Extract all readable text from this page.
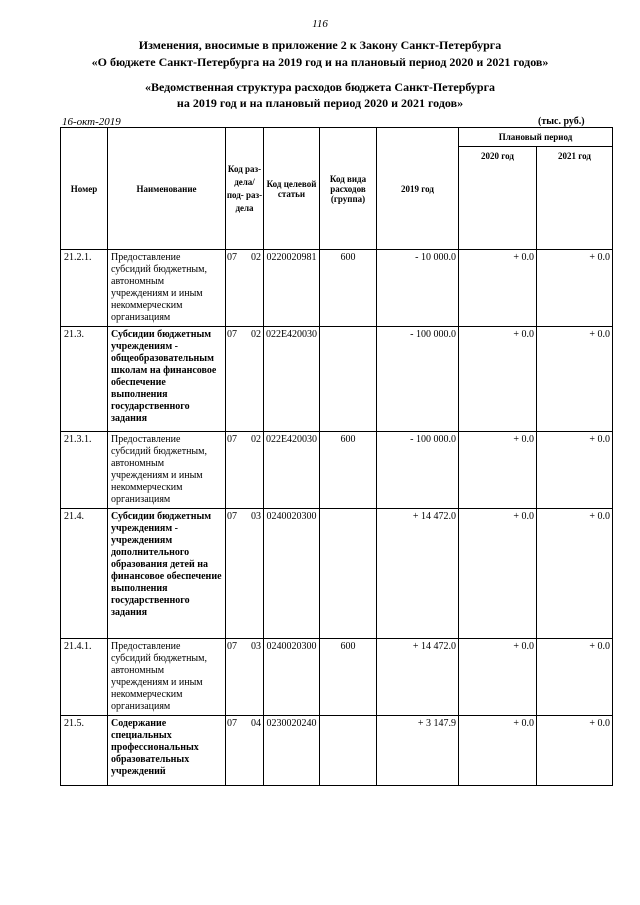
116
Изменения, вносимые в приложение 2 к Закону Санкт-Петербурга
«О бюджете Санкт-Петербурга на 2019 год и на плановый период 2020 и 2021 годов»
«Ведомственная структура расходов бюджета Санкт-Петербурга
на 2019 год и на плановый период 2020 и 2021 годов»
16-окт-2019	(тыс. руб.)
Номер	Наименование	Код раз- дела/ под- раз- дела		Код целевой статьи	Код вида расходов (группа)	2019 год	Плановый период	
							2020 год	2021 год
21.2.1.	Предоставление субсидий бюджетным, автономным учреждениям и иным некоммерческим организациям	07	02	0220020981	600	- 10 000.0	+ 0.0	+ 0.0
21.3.	Субсидии бюджетным учреждениям - общеобразовательным школам на финансовое обеспечение выполнения государственного задания	07	02	022Е420030		- 100 000.0	+ 0.0	+ 0.0
21.3.1.	Предоставление субсидий бюджетным, автономным учреждениям и иным некоммерческим организациям	07	02	022Е420030	600	- 100 000.0	+ 0.0	+ 0.0
21.4.	Субсидии бюджетным учреждениям - учреждениям дополнительного образования детей на финансовое обеспечение выполнения государственного задания	07	03	0240020300		+ 14 472.0	+ 0.0	+ 0.0
21.4.1.	Предоставление субсидий бюджетным, автономным учреждениям и иным некоммерческим организациям	07	03	0240020300	600	+ 14 472.0	+ 0.0	+ 0.0
21.5.	Содержание специальных профессиональных образовательных учреждений	07	04	0230020240		+ 3 147.9	+ 0.0	+ 0.0
